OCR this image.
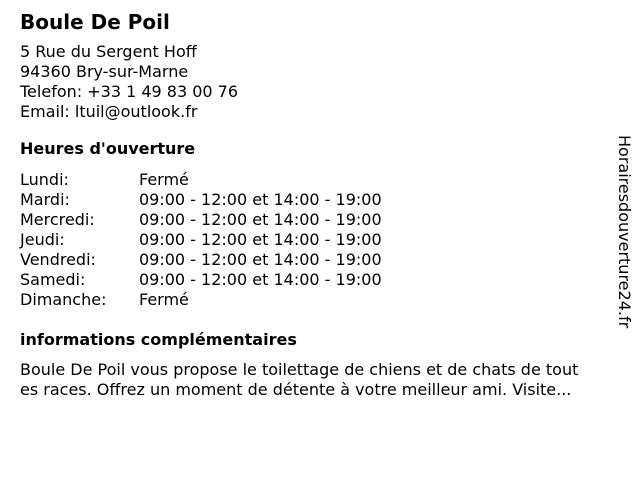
Boule De Poil
5 Rue du Sergent Hoff
94360 Bry-sur-Marne
Telefon: +33 1 49 83 00 76
Email: ltuil@outlook.fr
Heures d'ouverture
Lundi:	Fermé
Mardi:	09:00 - 12:00 et 14:00 - 19:00
Mercredi:	09:00 - 12:00 et 14:00 - 19:00
Jeudi:	09:00 - 12:00 et 14:00 - 19:00
Vendredi:	09:00 - 12:00 et 14:00 - 19:00
Samedi:	09:00 - 12:00 et 14:00 - 19:00
Dimanche:	Fermé
informations complémentaires
Boule De Poil vous propose le toilettage de chiens et de chats de tout
es races. Offrez un moment de détente à votre meilleur ami. Visite...
Horairesdouverture24.fr
